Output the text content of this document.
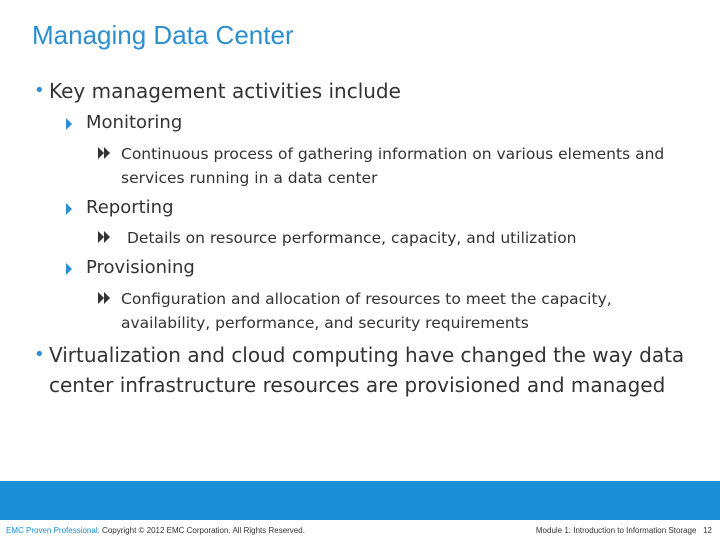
Managing Data Center
• Key management activities include
Monitoring
Continuous process of gathering information on various elements and services running in a data center
Reporting
Details on resource performance, capacity, and utilization
Provisioning
Configuration and allocation of resources to meet the capacity, availability, performance, and security requirements
• Virtualization and cloud computing have changed the way data center infrastructure resources are provisioned and managed
EMC Proven Professional. Copyright © 2012 EMC Corporation. All Rights Reserved.	Module 1: Introduction to Information Storage 12
